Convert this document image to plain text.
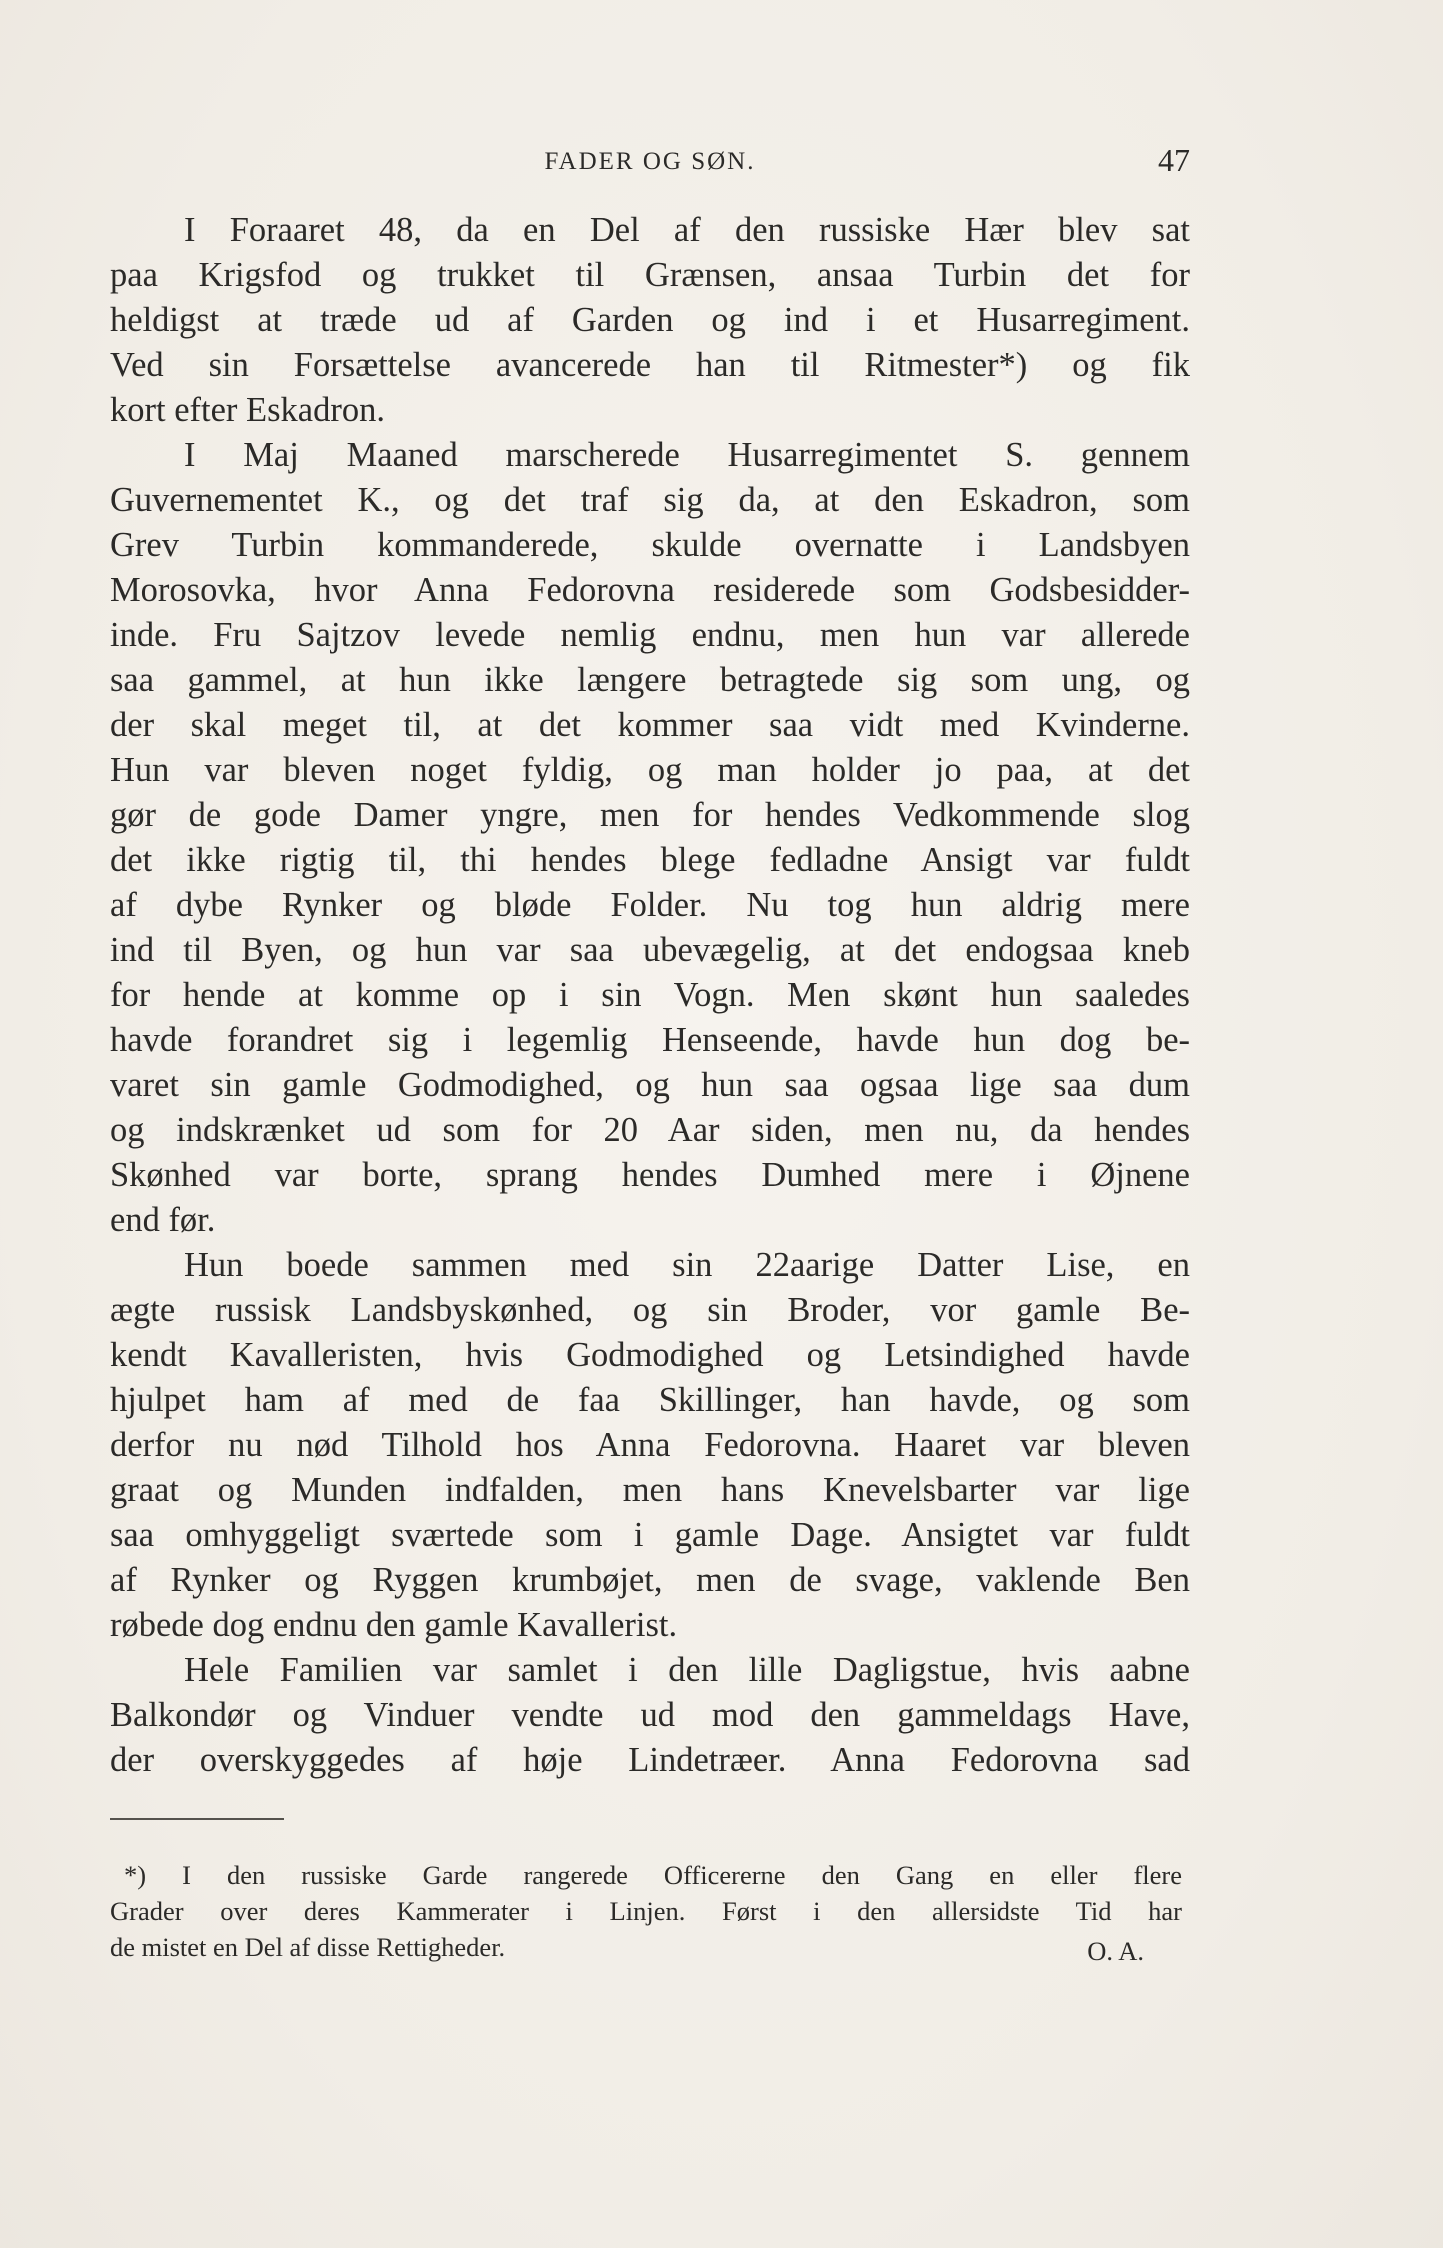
FADER OG SØN.	47
I Foraaret 48, da en Del af den russiske Hær blev sat
paa Krigsfod og trukket til Grænsen, ansaa Turbin det for
heldigst at træde ud af Garden og ind i et Husarregiment.
Ved sin Forsættelse avancerede han til Ritmester*) og fik
kort efter Eskadron.
I Maj Maaned marscherede Husarregimentet S. gennem
Guvernementet K., og det traf sig da, at den Eskadron, som
Grev Turbin kommanderede, skulde overnatte i Landsbyen
Morosovka, hvor Anna Fedorovna residerede som Godsbesidder-
inde. Fru Sajtzov levede nemlig endnu, men hun var allerede
saa gammel, at hun ikke længere betragtede sig som ung, og
der skal meget til, at det kommer saa vidt med Kvinderne.
Hun var bleven noget fyldig, og man holder jo paa, at det
gør de gode Damer yngre, men for hendes Vedkommende slog
det ikke rigtig til, thi hendes blege fedladne Ansigt var fuldt
af dybe Rynker og bløde Folder. Nu tog hun aldrig mere
ind til Byen, og hun var saa ubevægelig, at det endogsaa kneb
for hende at komme op i sin Vogn. Men skønt hun saaledes
havde forandret sig i legemlig Henseende, havde hun dog be-
varet sin gamle Godmodighed, og hun saa ogsaa lige saa dum
og indskrænket ud som for 20 Aar siden, men nu, da hendes
Skønhed var borte, sprang hendes Dumhed mere i Øjnene
end før.
Hun boede sammen med sin 22aarige Datter Lise, en
ægte russisk Landsbyskønhed, og sin Broder, vor gamle Be-
kendt Kavalleristen, hvis Godmodighed og Letsindighed havde
hjulpet ham af med de faa Skillinger, han havde, og som
derfor nu nød Tilhold hos Anna Fedorovna. Haaret var bleven
graat og Munden indfalden, men hans Knevelsbarter var lige
saa omhyggeligt sværtede som i gamle Dage. Ansigtet var fuldt
af Rynker og Ryggen krumbøjet, men de svage, vaklende Ben
røbede dog endnu den gamle Kavallerist.
Hele Familien var samlet i den lille Dagligstue, hvis aabne
Balkondør og Vinduer vendte ud mod den gammeldags Have,
der overskyggedes af høje Lindetræer. Anna Fedorovna sad
*) I den russiske Garde rangerede Officererne den Gang en eller flere
Grader over deres Kammerater i Linjen. Først i den allersidste Tid har
de mistet en Del af disse Rettigheder.	O. A.
